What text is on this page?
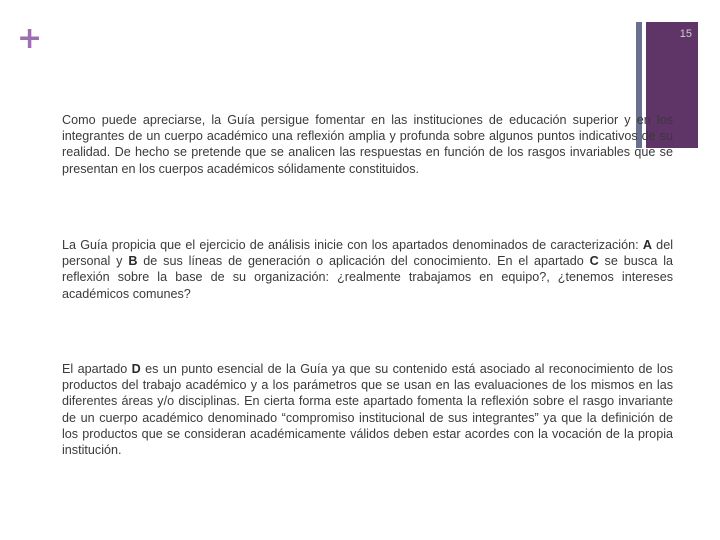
+	15

Como puede apreciarse, la Guía persigue fomentar en las instituciones de educación superior y en los integrantes de un cuerpo académico una reflexión amplia y profunda sobre algunos puntos indicativos de su realidad. De hecho se pretende que se analicen las respuestas en función de los rasgos invariables que se presentan en los cuerpos académicos sólidamente constituidos.

La Guía propicia que el ejercicio de análisis inicie con los apartados denominados de caracterización: A del personal y B de sus líneas de generación o aplicación del conocimiento. En el apartado C se busca la reflexión sobre la base de su organización: ¿realmente trabajamos en equipo?, ¿tenemos intereses académicos comunes?

El apartado D es un punto esencial de la Guía ya que su contenido está asociado al reconocimiento de los productos del trabajo académico y a los parámetros que se usan en las evaluaciones de los mismos en las diferentes áreas y/o disciplinas. En cierta forma este apartado fomenta la reflexión sobre el rasgo invariante de un cuerpo académico denominado “compromiso institucional de sus integrantes” ya que la definición de los productos que se consideran académicamente válidos deben estar acordes con la vocación de la propia institución.
